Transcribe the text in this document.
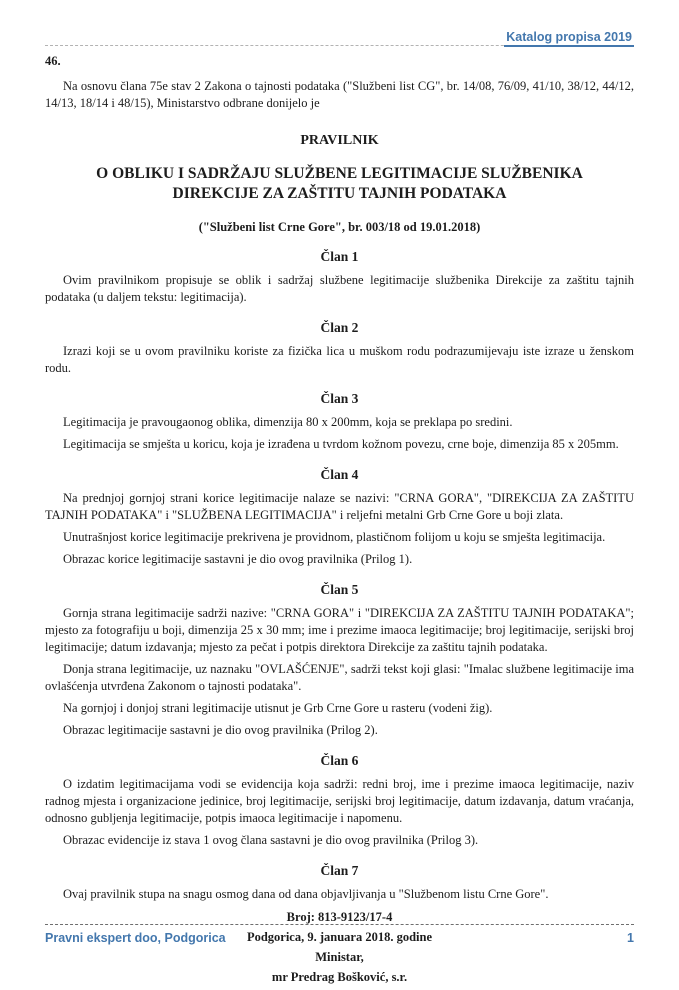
Katalog propisa 2019
46.

Na osnovu člana 75e stav 2 Zakona o tajnosti podataka ("Službeni list CG", br. 14/08, 76/09, 41/10, 38/12, 44/12, 14/13, 18/14 i 48/15), Ministarstvo odbrane donijelo je

PRAVILNIK
O OBLIKU I SADRŽAJU SLUŽBENE LEGITIMACIJE SLUŽBENIKA DIREKCIJE ZA ZAŠTITU TAJNIH PODATAKA
("Službeni list Crne Gore", br. 003/18 od 19.01.2018)
Član 1

Ovim pravilnikom propisuje se oblik i sadržaj službene legitimacije službenika Direkcije za zaštitu tajnih podataka (u daljem tekstu: legitimacija).

Član 2

Izrazi koji se u ovom pravilniku koriste za fizička lica u muškom rodu podrazumijevaju iste izraze u ženskom rodu.

Član 3

Legitimacija je pravougaonog oblika, dimenzija 80 x 200mm, koja se preklapa po sredini.

Legitimacija se smješta u koricu, koja je izrađena u tvrdom kožnom povezu, crne boje, dimenzija 85 x 205mm.

Član 4

Na prednjoj gornjoj strani korice legitimacije nalaze se nazivi: "CRNA GORA", "DIREKCIJA ZA ZAŠTITU TAJNIH PODATAKA" i "SLUŽBENA LEGITIMACIJA" i reljefni metalni Grb Crne Gore u boji zlata.

Unutrašnjost korice legitimacije prekrivena je providnom, plastičnom folijom u koju se smješta legitimacija.

Obrazac korice legitimacije sastavni je dio ovog pravilnika (Prilog 1).

Član 5

Gornja strana legitimacije sadrži nazive: "CRNA GORA" i "DIREKCIJA ZA ZAŠTITU TAJNIH PODATAKA"; mjesto za fotografiju u boji, dimenzija 25 x 30 mm; ime i prezime imaoca legitimacije; broj legitimacije, serijski broj legitimacije; datum izdavanja; mjesto za pečat i potpis direktora Direkcije za zaštitu tajnih podataka.

Donja strana legitimacije, uz naznaku "OVLAŠĆENJE", sadrži tekst koji glasi: "Imalac službene legitimacije ima ovlašćenja utvrđena Zakonom o tajnosti podataka".

Na gornjoj i donjoj strani legitimacije utisnut je Grb Crne Gore u rasteru (vodeni žig).

Obrazac legitimacije sastavni je dio ovog pravilnika (Prilog 2).

Član 6

O izdatim legitimacijama vodi se evidencija koja sadrži: redni broj, ime i prezime imaoca legitimacije, naziv radnog mjesta i organizacione jedinice, broj legitimacije, serijski broj legitimacije, datum izdavanja, datum vraćanja, odnosno gubljenja legitimacije, potpis imaoca legitimacije i napomenu.

Obrazac evidencije iz stava 1 ovog člana sastavni je dio ovog pravilnika (Prilog 3).

Član 7

Ovaj pravilnik stupa na snagu osmog dana od dana objavljivanja u "Službenom listu Crne Gore".

Broj: 813-9123/17-4
Podgorica, 9. januara 2018. godine
Ministar,
mr Predrag Bošković, s.r.
Pravni ekspert doo, Podgorica	1
